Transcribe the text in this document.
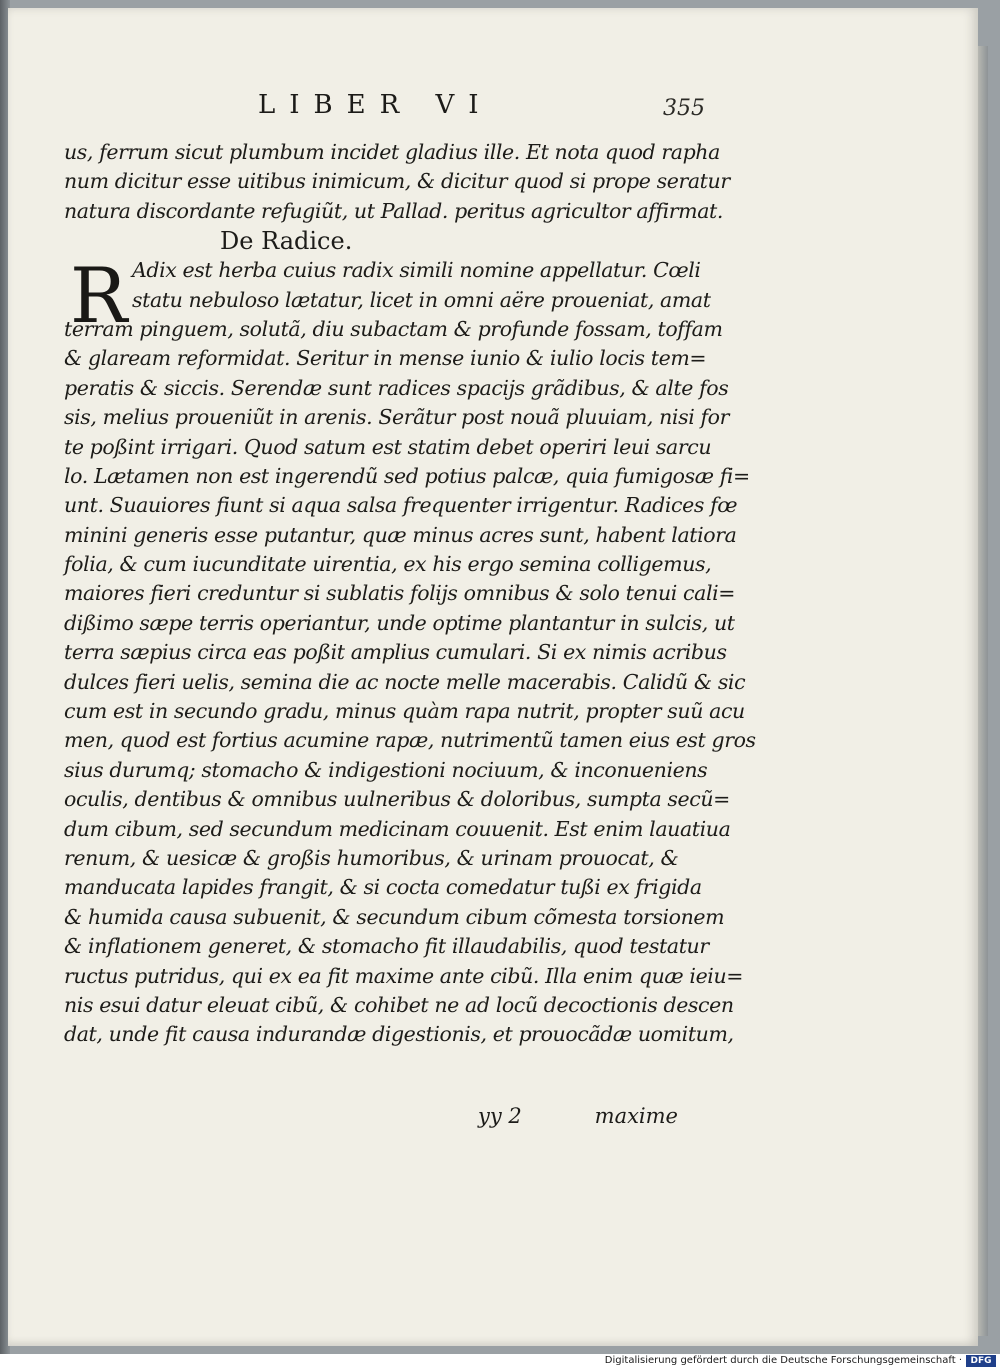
LIBER VI	355
us, ferrum sicut plumbum incidet gladius ille. Et nota quod rapha
num dicitur esse uitibus inimicum, & dicitur quod si prope seratur
natura discordante refugiũt, ut Pallad. peritus agricultor affirmat.
De Radice.
R Adix est herba cuius radix simili nomine appellatur. Cœli
statu nebuloso lætatur, licet in omni aëre proueniat, amat
terram pinguem, solutã, diu subactam & profunde fossam, toffam
& glaream reformidat. Seritur in mense iunio & iulio locis tem=
peratis & siccis. Serendæ sunt radices spacijs grãdibus, & alte fos
sis, melius proueniũt in arenis. Serãtur post nouã pluuiam, nisi for
te poßint irrigari. Quod satum est statim debet operiri leui sarcu
lo. Lætamen non est ingerendũ sed potius palcæ, quia fumigosæ fi=
unt. Suauiores fiunt si aqua salsa frequenter irrigentur. Radices fœ
minini generis esse putantur, quæ minus acres sunt, habent latiora
folia, & cum iucunditate uirentia, ex his ergo semina colligemus,
maiores fieri creduntur si sublatis folijs omnibus & solo tenui cali=
dißimo sæpe terris operiantur, unde optime plantantur in sulcis, ut
terra sæpius circa eas poßit amplius cumulari. Si ex nimis acribus
dulces fieri uelis, semina die ac nocte melle macerabis. Calidũ & sic
cum est in secundo gradu, minus quàm rapa nutrit, propter suũ acu
men, quod est fortius acumine rapæ, nutrimentũ tamen eius est gros
sius durumq; stomacho & indigestioni nociuum, & inconueniens
oculis, dentibus & omnibus uulneribus & doloribus, sumpta secũ=
dum cibum, sed secundum medicinam couuenit. Est enim lauatiua
renum, & uesicæ & großis humoribus, & urinam prouocat, &
manducata lapides frangit, & si cocta comedatur tußi ex frigida
& humida causa subuenit, & secundum cibum cõmesta torsionem
& inflationem generet, & stomacho fit illaudabilis, quod testatur
ructus putridus, qui ex ea fit maxime ante cibũ. Illa enim quæ ieiu=
nis esui datur eleuat cibũ, & cohibet ne ad locũ decoctionis descen
dat, unde fit causa indurandæ digestionis, et prouocãdæ uomitum,
yy 2	maxime
Digitalisierung gefördert durch die Deutsche Forschungsgemeinschaft · DFG
